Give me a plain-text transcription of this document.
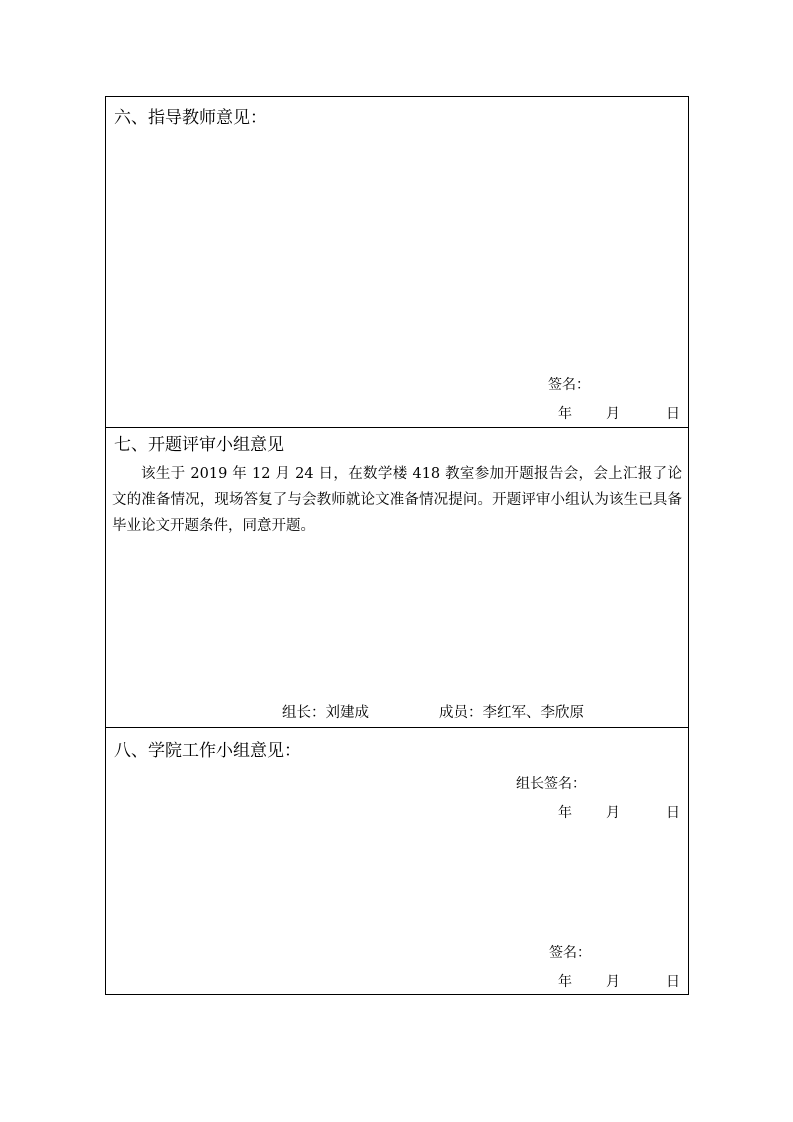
六、指导教师意见：
签名：
年 月	日
七、开题评审小组意见
该生于 2019 年 12 月 24 日，在数学楼 418 教室参加开题报告会，会上汇报了论文的准备情况，现场答复了与会教师就论文准备情况提问。开题评审小组认为该生已具备毕业论文开题条件，同意开题。
组长：刘建成	成员：李红军、李欣原
组长签名：
年 月	日
八、学院工作小组意见：
签名：
年 月	日
